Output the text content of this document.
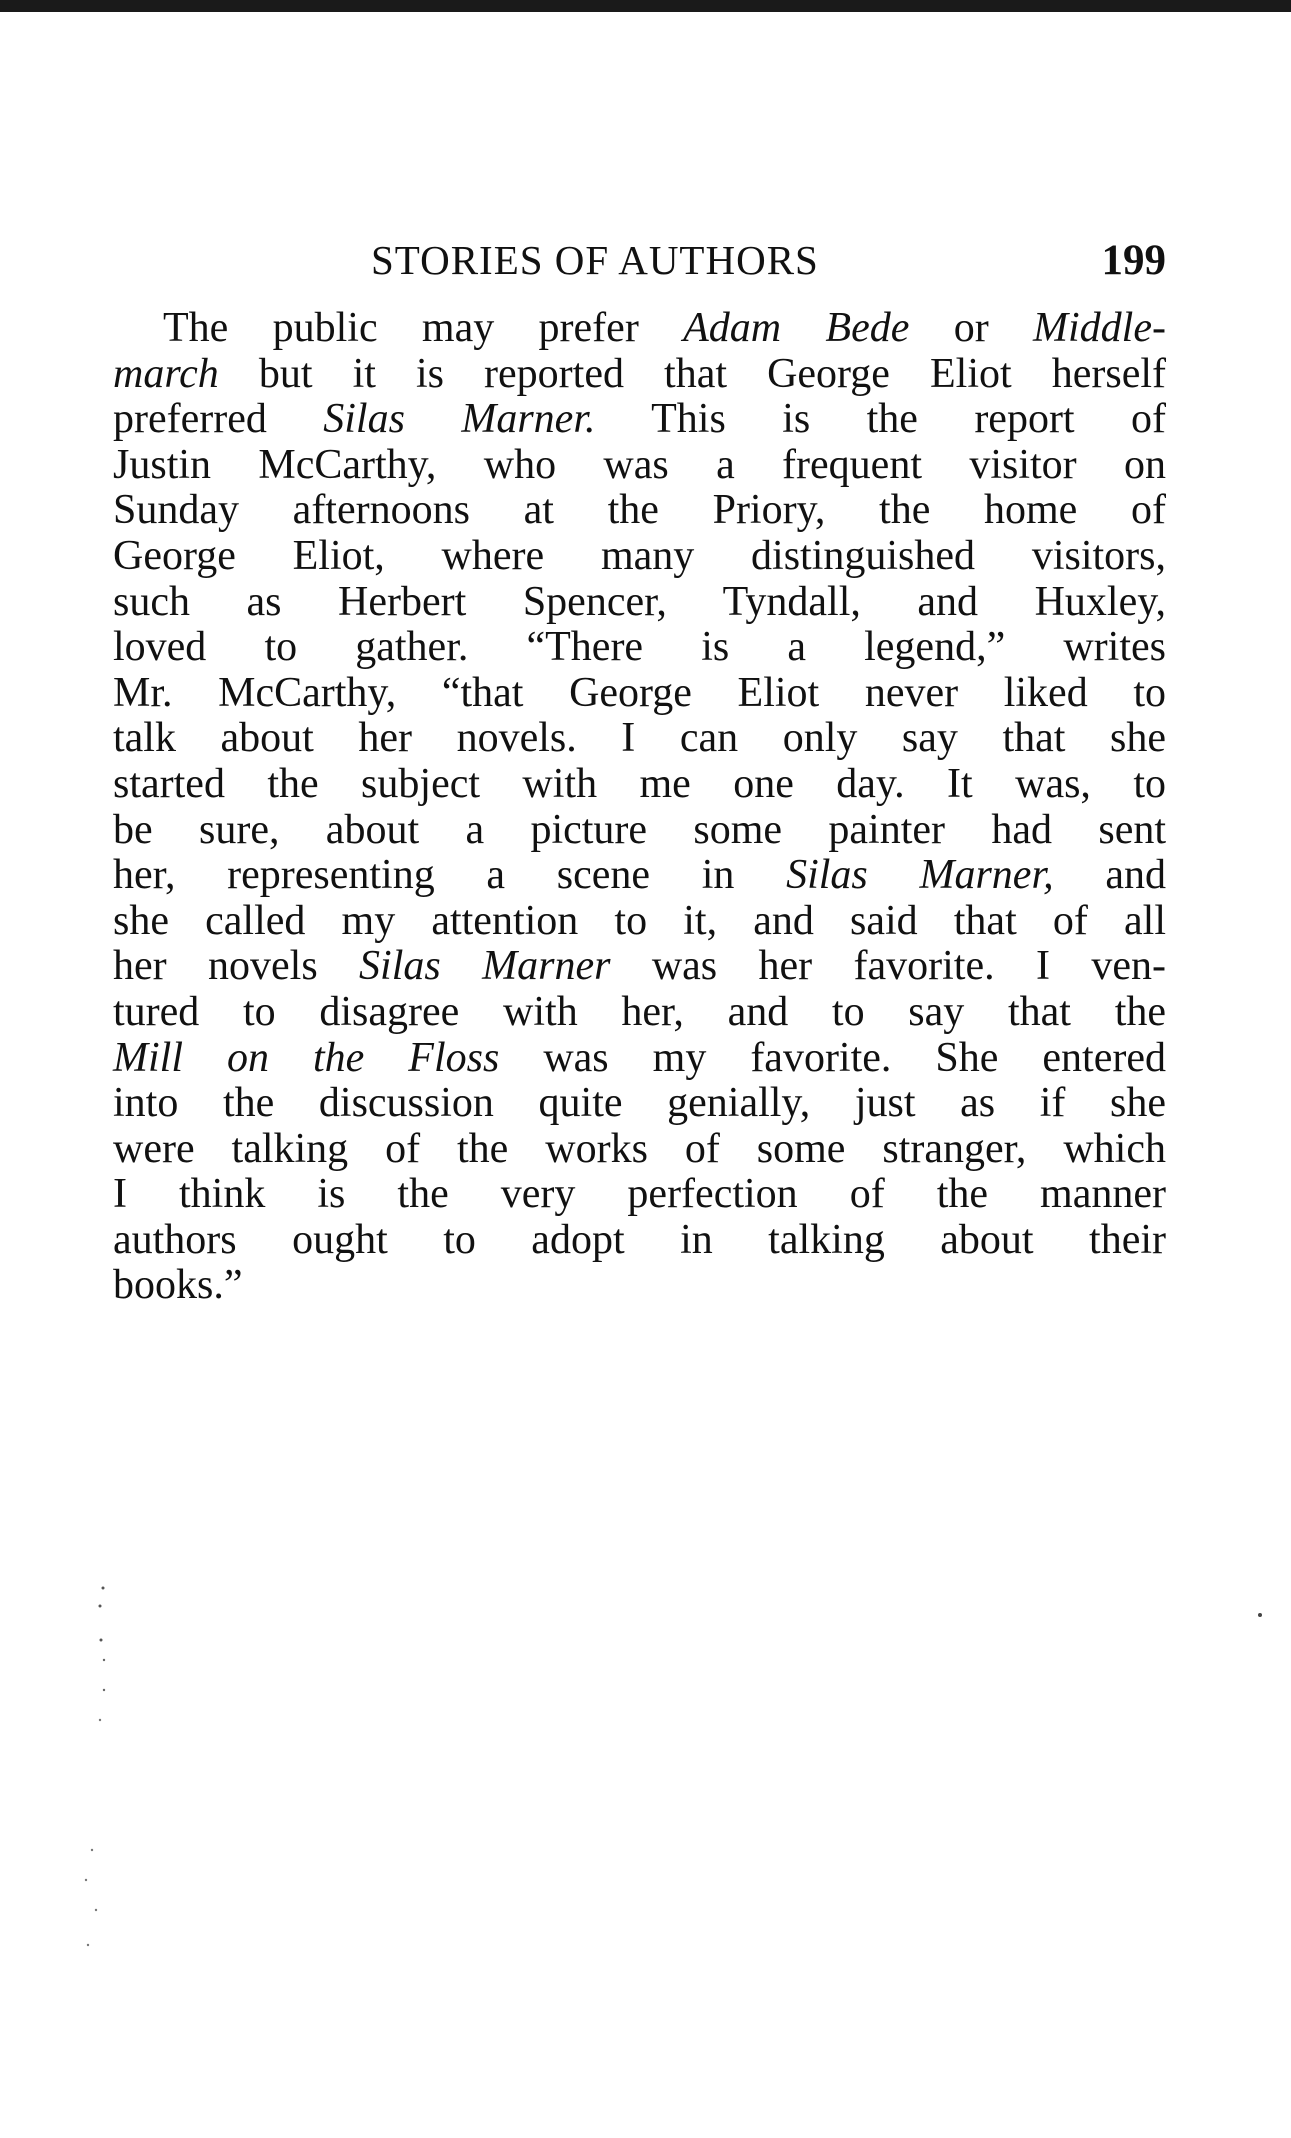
STORIES OF AUTHORS	199
The public may prefer Adam Bede or Middle-
march but it is reported that George Eliot herself
preferred Silas Marner. This is the report of
Justin McCarthy, who was a frequent visitor on
Sunday afternoons at the Priory, the home of
George Eliot, where many distinguished visitors,
such as Herbert Spencer, Tyndall, and Huxley,
loved to gather. “There is a legend,” writes
Mr. McCarthy, “that George Eliot never liked to
talk about her novels. I can only say that she
started the subject with me one day. It was, to
be sure, about a picture some painter had sent
her, representing a scene in Silas Marner, and
she called my attention to it, and said that of all
her novels Silas Marner was her favorite. I ven-
tured to disagree with her, and to say that the
Mill on the Floss was my favorite. She entered
into the discussion quite genially, just as if she
were talking of the works of some stranger, which
I think is the very perfection of the manner
authors ought to adopt in talking about their
books.”
